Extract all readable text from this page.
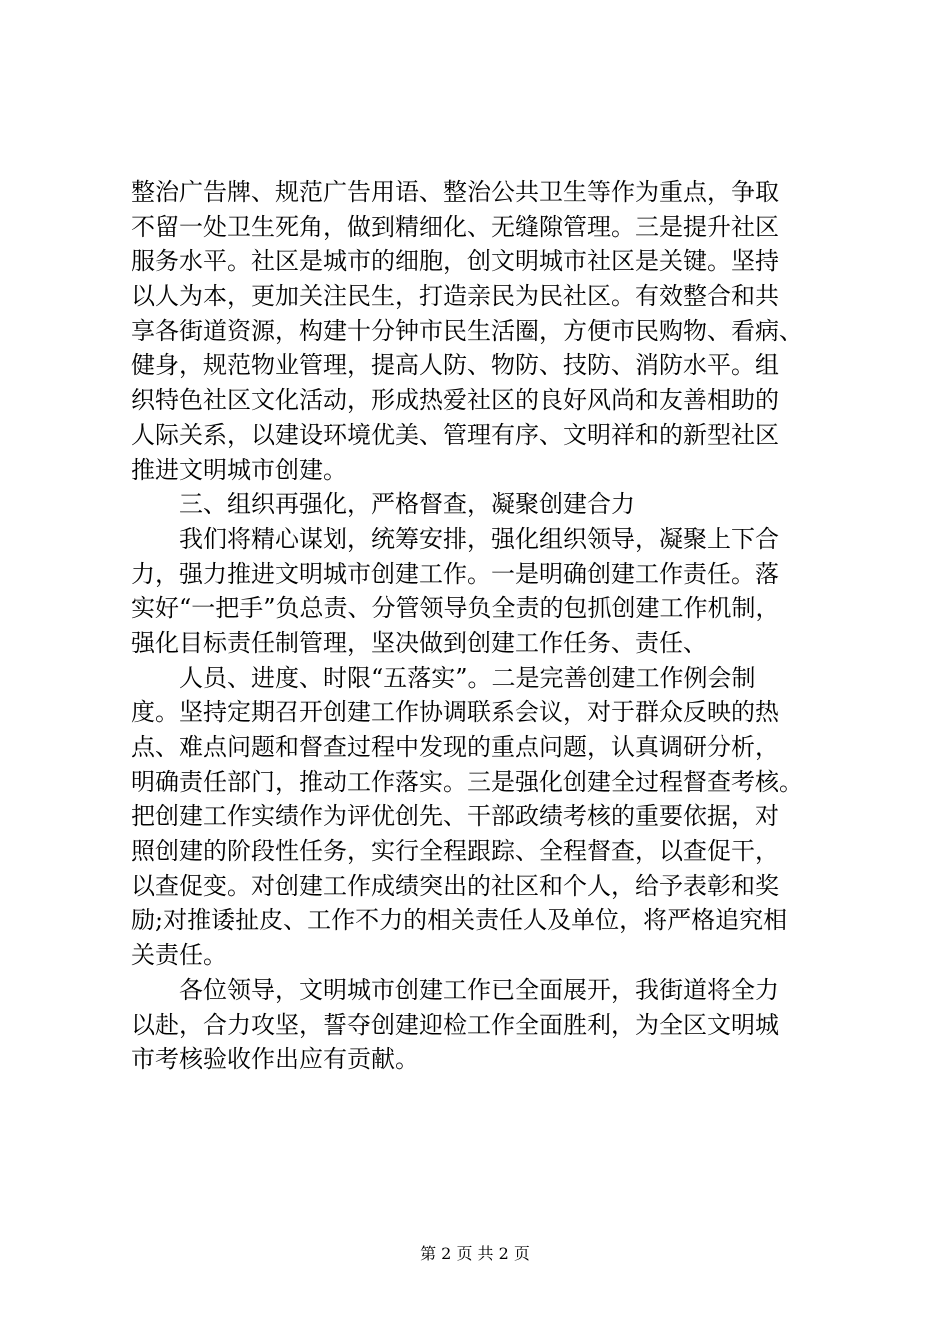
整治广告牌、规范广告用语、整治公共卫生等作为重点，争取
不留一处卫生死角，做到精细化、无缝隙管理。三是提升社区
服务水平。社区是城市的细胞，创文明城市社区是关键。坚持
以人为本，更加关注民生，打造亲民为民社区。有效整合和共
享各街道资源，构建十分钟市民生活圈，方便市民购物、看病、
健身，规范物业管理，提高人防、物防、技防、消防水平。组
织特色社区文化活动，形成热爱社区的良好风尚和友善相助的
人际关系，以建设环境优美、管理有序、文明祥和的新型社区
推进文明城市创建。
　　三、组织再强化，严格督查，凝聚创建合力
　　我们将精心谋划，统筹安排，强化组织领导，凝聚上下合
力，强力推进文明城市创建工作。一是明确创建工作责任。落
实好“一把手”负总责、分管领导负全责的包抓创建工作机制，
强化目标责任制管理，坚决做到创建工作任务、责任、
　　人员、进度、时限“五落实”。二是完善创建工作例会制
度。坚持定期召开创建工作协调联系会议，对于群众反映的热
点、难点问题和督查过程中发现的重点问题，认真调研分析，
明确责任部门，推动工作落实。三是强化创建全过程督查考核。
把创建工作实绩作为评优创先、干部政绩考核的重要依据，对
照创建的阶段性任务，实行全程跟踪、全程督查，以查促干，
以查促变。对创建工作成绩突出的社区和个人，给予表彰和奖
励;对推诿扯皮、工作不力的相关责任人及单位，将严格追究相
关责任。
　　各位领导，文明城市创建工作已全面展开，我街道将全力
以赴，合力攻坚，誓夺创建迎检工作全面胜利，为全区文明城
市考核验收作出应有贡献。
第 2 页 共 2 页
